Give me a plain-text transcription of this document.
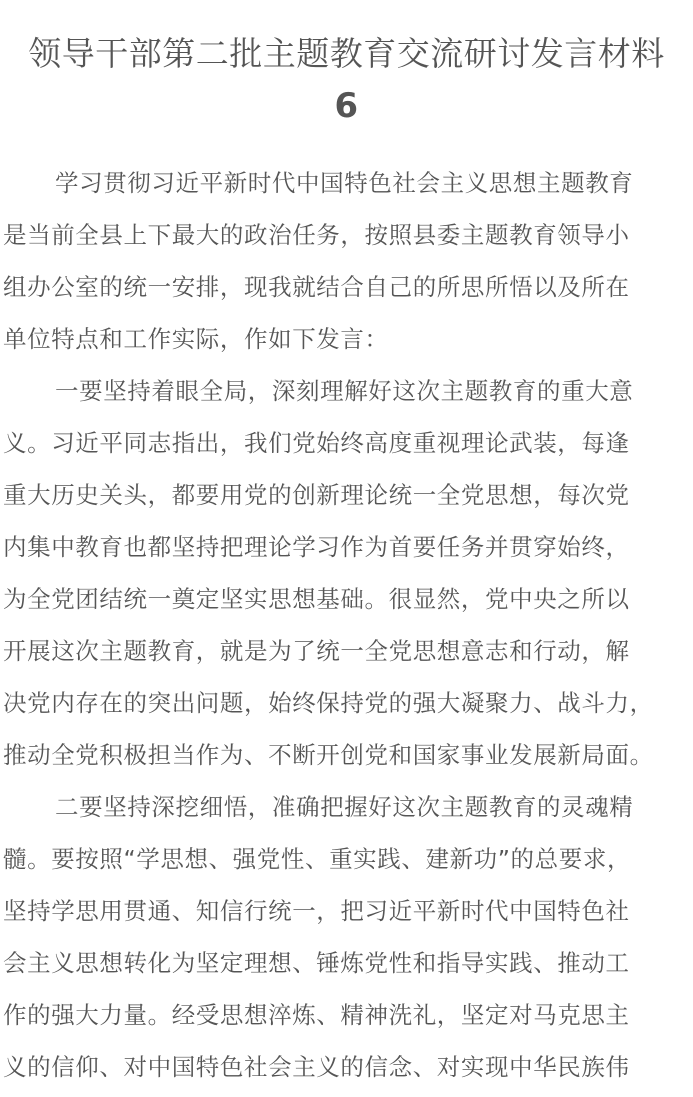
领导干部第二批主题教育交流研讨发言材料
6
学习贯彻习近平新时代中国特色社会主义思想主题教育
是当前全县上下最大的政治任务，按照县委主题教育领导小
组办公室的统一安排，现我就结合自己的所思所悟以及所在
单位特点和工作实际，作如下发言：
一要坚持着眼全局，深刻理解好这次主题教育的重大意
义。习近平同志指出，我们党始终高度重视理论武装，每逢
重大历史关头，都要用党的创新理论统一全党思想，每次党
内集中教育也都坚持把理论学习作为首要任务并贯穿始终，
为全党团结统一奠定坚实思想基础。很显然，党中央之所以
开展这次主题教育，就是为了统一全党思想意志和行动，解
决党内存在的突出问题，始终保持党的强大凝聚力、战斗力，
推动全党积极担当作为、不断开创党和国家事业发展新局面。
二要坚持深挖细悟，准确把握好这次主题教育的灵魂精
髓。要按照“学思想、强党性、重实践、建新功”的总要求，
坚持学思用贯通、知信行统一，把习近平新时代中国特色社
会主义思想转化为坚定理想、锤炼党性和指导实践、推动工
作的强大力量。经受思想淬炼、精神洗礼，坚定对马克思主
义的信仰、对中国特色社会主义的信念、对实现中华民族伟
